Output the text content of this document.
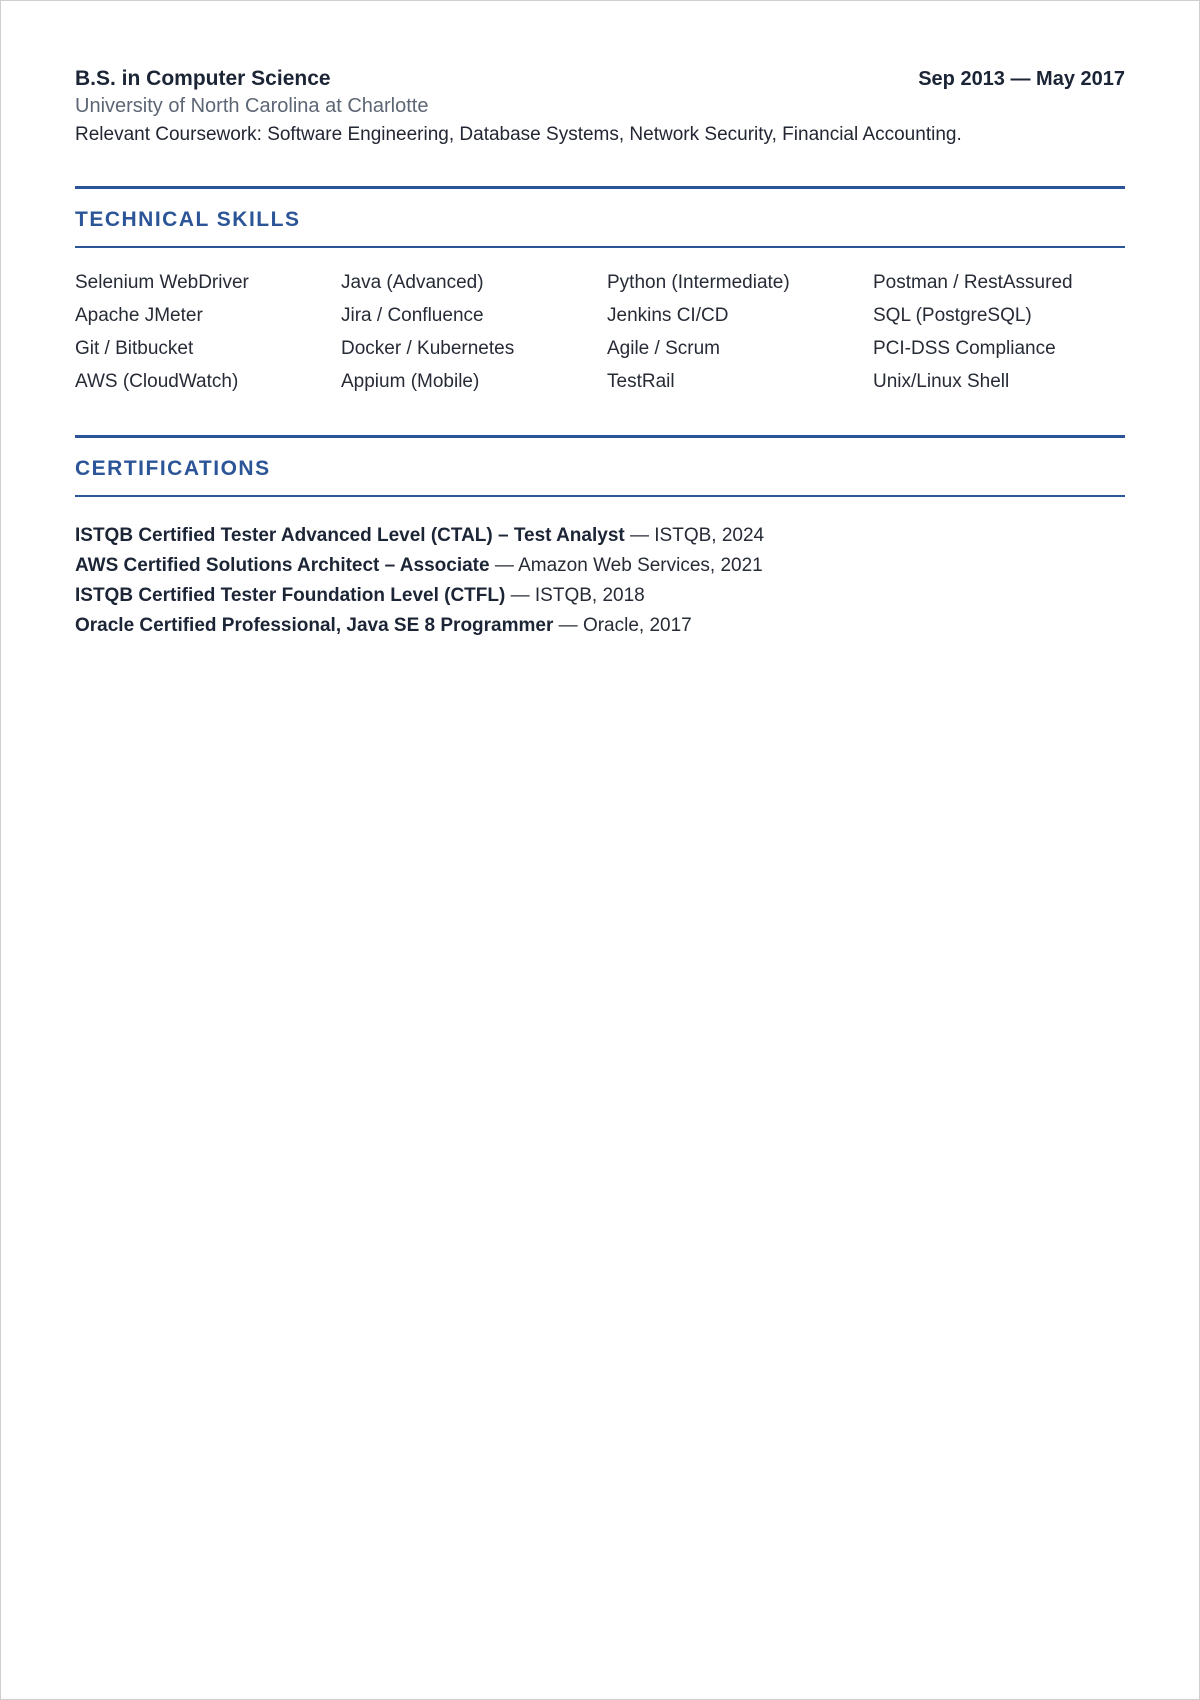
B.S. in Computer Science	Sep 2013 — May 2017
University of North Carolina at Charlotte
Relevant Coursework: Software Engineering, Database Systems, Network Security, Financial Accounting.
TECHNICAL SKILLS
Selenium WebDriver	Java (Advanced)	Python (Intermediate)	Postman / RestAssured
Apache JMeter	Jira / Confluence	Jenkins CI/CD	SQL (PostgreSQL)
Git / Bitbucket	Docker / Kubernetes	Agile / Scrum	PCI-DSS Compliance
AWS (CloudWatch)	Appium (Mobile)	TestRail	Unix/Linux Shell
CERTIFICATIONS
ISTQB Certified Tester Advanced Level (CTAL) – Test Analyst — ISTQB, 2024
AWS Certified Solutions Architect – Associate — Amazon Web Services, 2021
ISTQB Certified Tester Foundation Level (CTFL) — ISTQB, 2018
Oracle Certified Professional, Java SE 8 Programmer — Oracle, 2017
